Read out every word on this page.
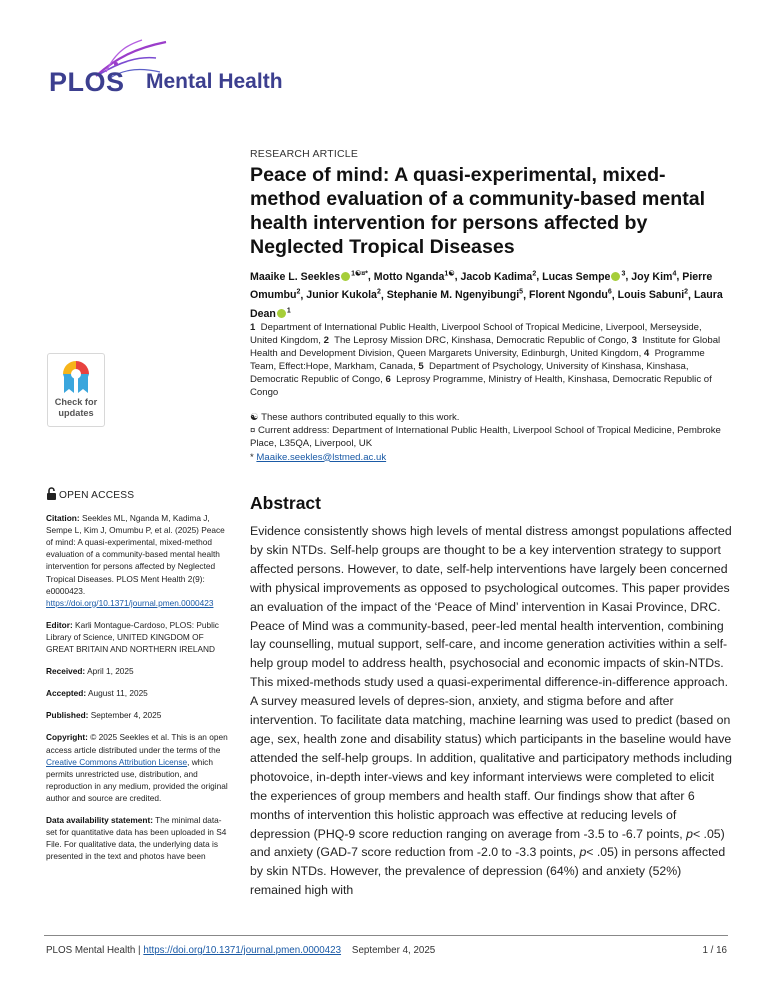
PLOS Mental Health
RESEARCH ARTICLE
Peace of mind: A quasi-experimental, mixed-method evaluation of a community-based mental health intervention for persons affected by Neglected Tropical Diseases
Maaike L. Seekles $^{1☯¤*}$, Motto Nganda$^{1☯}$, Jacob Kadima$^2$, Lucas Sempe $^3$, Joy Kim$^4$, Pierre Omumbu$^2$, Junior Kukola$^2$, Stephanie M. Ngenyibungi$^5$, Florent Ngondu$^6$, Louis Sabuni$^2$, Laura Dean $^1$
1  Department of International Public Health, Liverpool School of Tropical Medicine, Liverpool, Merseyside, United Kingdom, 2  The Leprosy Mission DRC, Kinshasa, Democratic Republic of Congo, 3  Institute for Global Health and Development Division, Queen Margarets University, Edinburgh, United Kingdom, 4  Programme Team, Effect:Hope, Markham, Canada, 5  Department of Psychology, University of Kinshasa, Kinshasa, Democratic Republic of Congo, 6  Leprosy Programme, Ministry of Health, Kinshasa, Democratic Republic of Congo
☯ These authors contributed equally to this work.
¤ Current address: Department of International Public Health, Liverpool School of Tropical Medicine, Pembroke Place, L35QA, Liverpool, UK
* Maaike.seekles@lstmed.ac.uk
Check for
updates
OPEN ACCESS
Citation: Seekles ML, Nganda M, Kadima J, Sempe L, Kim J, Omumbu P, et al. (2025) Peace of mind: A quasi-experimental, mixed-method evaluation of a community-based mental health intervention for persons affected by Neglected Tropical Diseases. PLOS Ment Health 2(9): e0000423. https://doi.org/10.1371/journal.pmen.0000423
Editor: Karli Montague-Cardoso, PLOS: Public Library of Science, UNITED KINGDOM OF GREAT BRITAIN AND NORTHERN IRELAND
Received: April 1, 2025
Accepted: August 11, 2025
Published: September 4, 2025
Copyright: © 2025 Seekles et al. This is an open access article distributed under the terms of the Creative Commons Attribution License, which permits unrestricted use, distribution, and reproduction in any medium, provided the original author and source are credited.
Data availability statement: The minimal data-set for quantitative data has been uploaded in S4 File. For qualitative data, the underlying data is presented in the text and photos have been
Abstract
Evidence consistently shows high levels of mental distress amongst populations affected by skin NTDs. Self-help groups are thought to be a key intervention strategy to support affected persons. However, to date, self-help interventions have largely been concerned with physical improvements as opposed to psychological outcomes. This paper provides an evaluation of the impact of the ‘Peace of Mind’ intervention in Kasai Province, DRC. Peace of Mind was a community-based, peer-led mental health intervention, combining lay counselling, mutual support, self-care, and income generation activities within a self-help group model to address health, psychosocial and economic impacts of skin-NTDs. This mixed-methods study used a quasi-experimental difference-in-difference approach. A survey measured levels of depres-sion, anxiety, and stigma before and after intervention. To facilitate data matching, machine learning was used to predict (based on age, sex, health zone and disability status) which participants in the baseline would have attended the self-help groups. In addition, qualitative and participatory methods including photovoice, in-depth inter-views and key informant interviews were completed to elicit the experiences of group members and health staff. Our findings show that after 6 months of intervention this holistic approach was effective at reducing levels of depression (PHQ-9 score reduction ranging on average from -3.5 to -6.7 points, p< .05) and anxiety (GAD-7 score reduction from -2.0 to -3.3 points, p< .05) in persons affected by skin NTDs. However, the prevalence of depression (64%) and anxiety (52%) remained high with
PLOS Mental Health | https://doi.org/10.1371/journal.pmen.0000423 September 4, 2025	1 / 16
